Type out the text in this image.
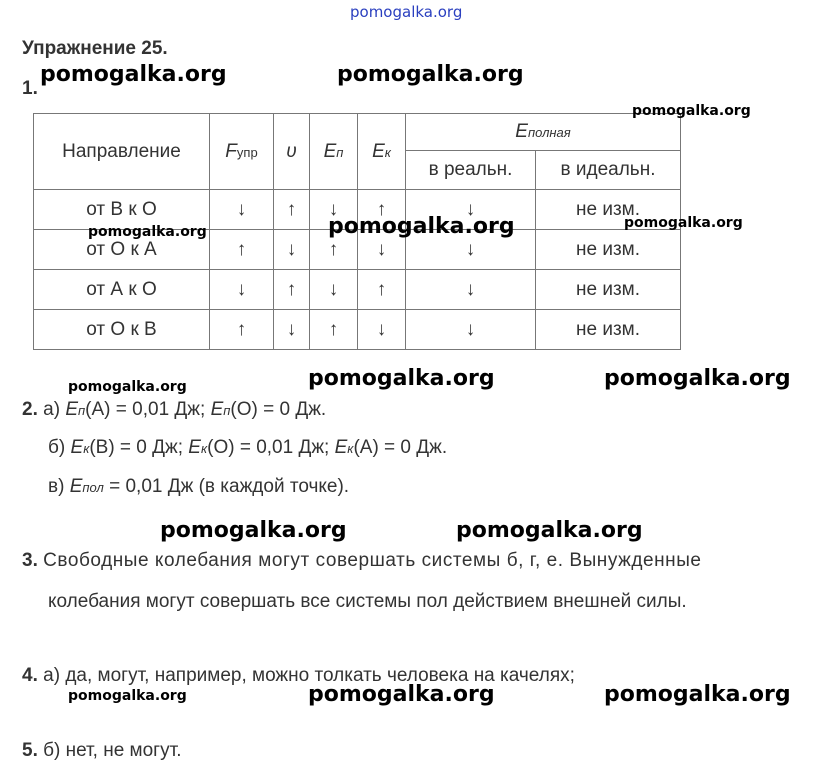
pomogalka.org
Упражнение 25.
1.
Направление	Fупр	υ	Eп	Eк	Eполная	
					в реальн.	в идеальн.
от В к О	↓	↑	↓	↑	↓	не изм.
от О к А	↑	↓	↑	↓	↓	не изм.
от А к О	↓	↑	↓	↑	↓	не изм.
от О к В	↑	↓	↑	↓	↓	не изм.
pomogalka.org	pomogalka.org
pomogalka.org
pomogalka.org
pomogalka.org
pomogalka.org
pomogalka.org	pomogalka.org	pomogalka.org
2. а) Eп(А) = 0,01 Дж; Eп(О) = 0 Дж.
б) Eк(В) = 0 Дж; Eк(О) = 0,01 Дж; Eк(А) = 0 Дж.
в) Eпол = 0,01 Дж (в каждой точке).
pomogalka.org	pomogalka.org
3. Свободные колебания могут совершать системы б, г, е. Вынужденные
колебания могут совершать все системы пол действием внешней силы.
4. а) да, могут, например, можно толкать человека на качелях;
pomogalka.org	pomogalka.org	pomogalka.org
5. б) нет, не могут.
